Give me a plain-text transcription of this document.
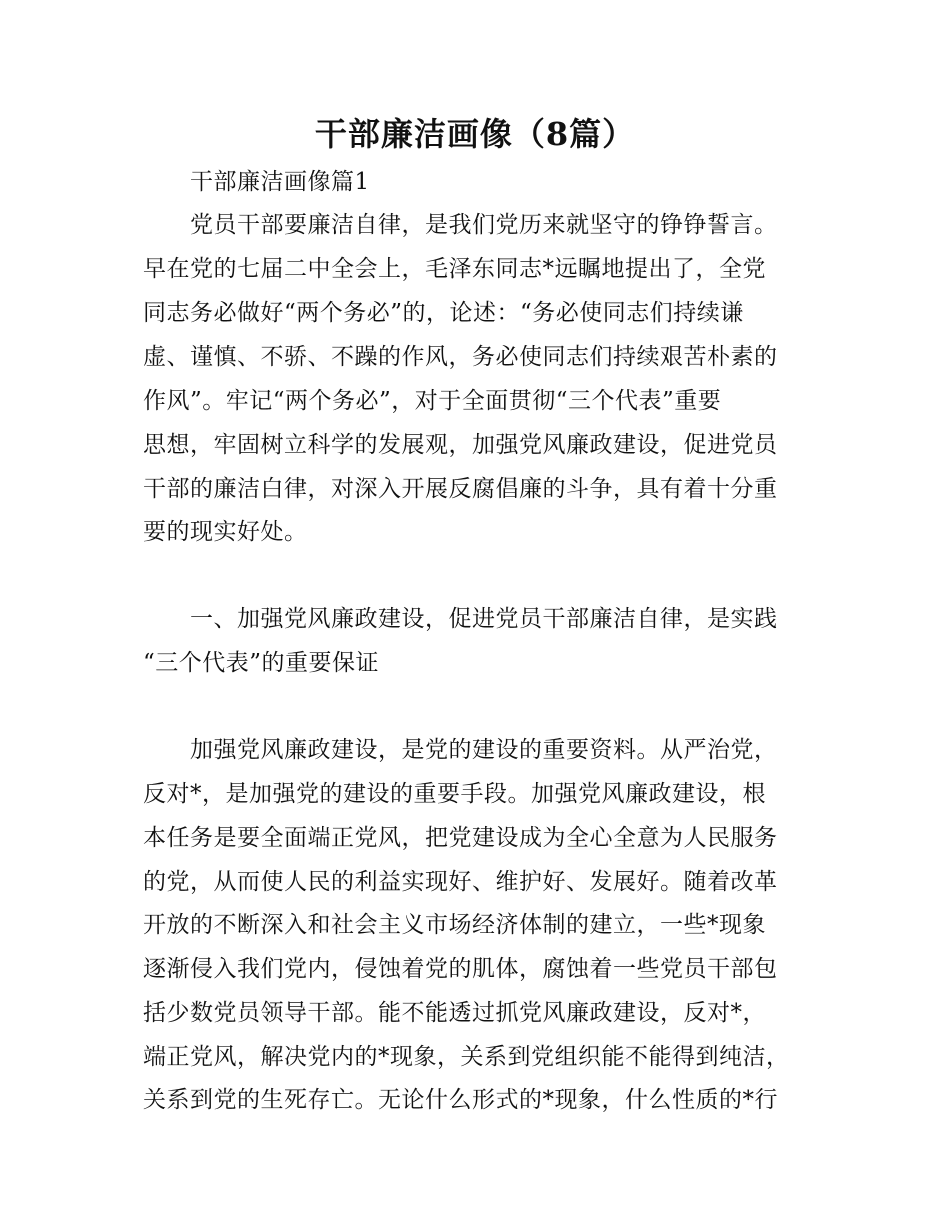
干部廉洁画像（8篇）
干部廉洁画像篇1
党员干部要廉洁自律，是我们党历来就坚守的铮铮誓言。
早在党的七届二中全会上，毛泽东同志*远瞩地提出了，全党
同志务必做好“两个务必”的，论述：“务必使同志们持续谦
虚、谨慎、不骄、不躁的作风，务必使同志们持续艰苦朴素的
作风”。牢记“两个务必”，对于全面贯彻“三个代表”重要
思想，牢固树立科学的发展观，加强党风廉政建设，促进党员
干部的廉洁白律，对深入开展反腐倡廉的斗争，具有着十分重
要的现实好处。
一、加强党风廉政建设，促进党员干部廉洁自律，是实践
“三个代表”的重要保证
加强党风廉政建设，是党的建设的重要资料。从严治党，
反对*，是加强党的建设的重要手段。加强党风廉政建设，根
本任务是要全面端正党风，把党建设成为全心全意为人民服务
的党，从而使人民的利益实现好、维护好、发展好。随着改革
开放的不断深入和社会主义市场经济体制的建立，一些*现象
逐渐侵入我们党内，侵蚀着党的肌体，腐蚀着一些党员干部包
括少数党员领导干部。能不能透过抓党风廉政建设，反对*，
端正党风，解决党内的*现象，关系到党组织能不能得到纯洁，
关系到党的生死存亡。无论什么形式的*现象，什么性质的*行
